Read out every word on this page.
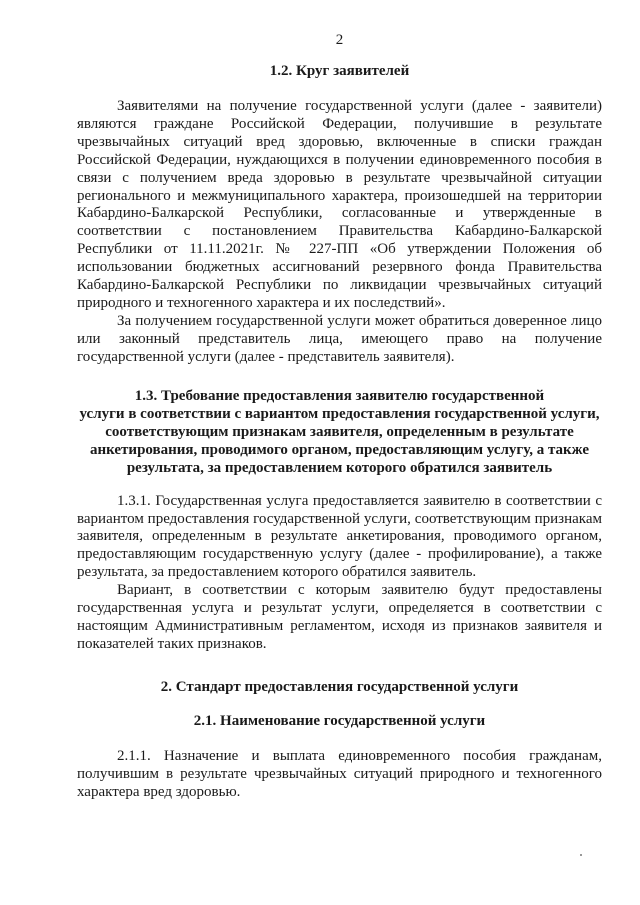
2
1.2. Круг заявителей

Заявителями на получение государственной услуги (далее - заявители) являются граждане Российской Федерации, получившие в результате чрезвычайных ситуаций вред здоровью, включенные в списки граждан Российской Федерации, нуждающихся в получении единовременного пособия в связи с получением вреда здоровью в результате чрезвычайной ситуации регионального и межмуниципального характера, произошедшей на территории Кабардино-Балкарской Республики, согласованные и утвержденные в соответствии с постановлением Правительства Кабардино-Балкарской Республики от 11.11.2021г. № 227-ПП «Об утверждении Положения об использовании бюджетных ассигнований резервного фонда Правительства Кабардино-Балкарской Республики по ликвидации чрезвычайных ситуаций природного и техногенного характера и их последствий».

За получением государственной услуги может обратиться доверенное лицо или законный представитель лица, имеющего право на получение государственной услуги (далее - представитель заявителя).

1.3. Требование предоставления заявителю государственной
услуги в соответствии с вариантом предоставления государственной услуги,
соответствующим признакам заявителя, определенным в результате
анкетирования, проводимого органом, предоставляющим услугу, а также
результата, за предоставлением которого обратился заявитель

1.3.1. Государственная услуга предоставляется заявителю в соответствии с вариантом предоставления государственной услуги, соответствующим признакам заявителя, определенным в результате анкетирования, проводимого органом, предоставляющим государственную услугу (далее - профилирование), а также результата, за предоставлением которого обратился заявитель.

Вариант, в соответствии с которым заявителю будут предоставлены государственная услуга и результат услуги, определяется в соответствии с настоящим Административным регламентом, исходя из признаков заявителя и показателей таких признаков.

2. Стандарт предоставления государственной услуги
2.1. Наименование государственной услуги

2.1.1. Назначение и выплата единовременного пособия гражданам, получившим в результате чрезвычайных ситуаций природного и техногенного характера вред здоровью.
